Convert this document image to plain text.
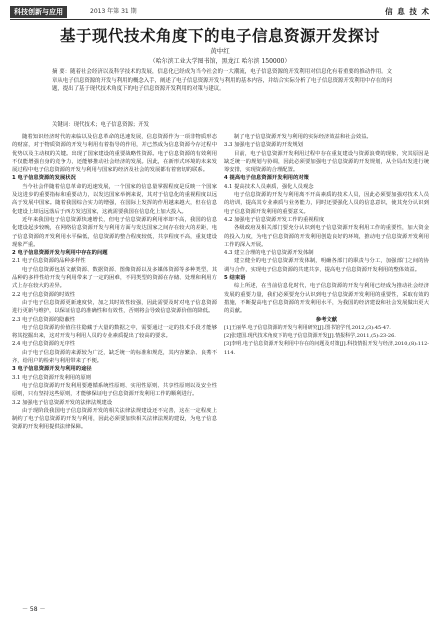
科技创新与应用	2013 年第 31 期	信 息 技 术
基于现代技术角度下的电子信息资源开发探讨
黄中红
（哈尔滨工业大学图书馆，黑龙江 哈尔滨 150000）
摘 要：随着社会经济以及科学技术的发展，信息化已经成为当今社会的一大潮流，电子信息资源的开发利用对信息化有着重要的推动作用。文章从电子信息资源的开发与利用的概念入手，阐述了电子信息资源开发与利用的基本内容，并结合实际分析了电子信息资源开发利用中存在的问题，提出了基于现代技术角度下的电子信息资源开发利用的对策与建议。
关键词：现代技术；电子信息资源；开发

随着知识经济时代的来临以及信息革命的迅速发展，信息资源作为一项非物质形态的财富，对于物质资源的开发与利用有着指导的作用，并已然成为信息资源今存过程中优势以及主动权的关键。出现了国家建设的重要战略性资源。电子信息资源的有效利用不仅能增强自身的竞争力，还能够推动社会经济的发展。因此，在新形式环境的未来发展过程中电子信息资源的开发与利用与国家的经济及社会的发展都有着密切的联系。

1 电子信息资源的发展状况

当今社会伴随着信息革命的迅速发展，一个国家的信息量掌握程度是反映一个国家及这进步的重要指标和重要动力，以发达国家举例来说，其对于信息化的重视程度以远高于发展中国家。随着我国综合实力的增强，在国际上发挥的作用越来越大，但在信息化建设上却远远落后于西方发达国家，这就需要我国在信息化上加大投入。

近年来我国电子信息资源快速增长，但电子信息资源的利用率却不高，我国的信息化建设起步较晚，在网络信息资源开发与利用方面与发达国家之间存在较大的差距，电子信息资源的开发利用水平偏低，信息资源的整合程度较低，共享程度不高，重复建设现象严重。

2 电子信息资源开发与利用中存在的问题

2.1 电子信息资源的品种多样性

电子信息资源包括文献资源、数据资源、图像资源以及多媒体资源等多种类型，其品种的多样性给开发与利用带来了一定的困难，不同类型的资源在存储、处理和利用方式上存在较大的差异。

2.2 电子信息资源的时效性

由于电子信息资源更新速度快，加之其时效性较强，因此需要及时对电子信息资源进行更新与维护，以保证信息的准确性和有效性，否则将会导致信息资源价值的降低。

2.3 电子信息资源的隐蔽性

电子信息资源的价值往往隐藏于大量的数据之中，需要通过一定的技术手段才能够将其挖掘出来，这对开发与利用人员的专业素质提出了较高的要求。

2.4 电子信息资源的无序性

由于电子信息资源的来源较为广泛，缺乏统一的标准和规范，其内容繁杂、良莠不齐，给用户的检索与利用带来了不便。

3 电子信息资源开发与利用的途径

3.1 电子信息资源开发利用的原则

电子信息资源的开发利用要遵循系统性原则、实用性原则、共享性原则以及安全性原则，只有坚持这些原则，才能够保证电子信息资源开发利用工作的顺利进行。

3.2 加强电子信息资源开发的法律法规建设

由于现阶段我国电子信息资源开发的相关法律法规建设还不完善，这在一定程度上制约了电子信息资源的开发与利用，因此必须要加快相关法律法规的建设，为电子信息资源的开发利用提供法律保障。

制了电子信息资源开发与利用的实际经济效益和社会效益。

3.3 加强电子信息资源的开发规划

目前，电子信息资源开发利用过程中存在重复建设与资源浪费的现象，究其原因是缺乏统一的规划与协调，因此必须要加强电子信息资源的开发规划，从全局出发进行统筹安排，实现资源的合理配置。

4 提高电子信息资源开发利用的对策

4.1 提高技术人员素质，强化人员观念

电子信息资源的开发与利用离不开高素质的技术人员，因此必须要加强对技术人员的培训，提高其专业素质与业务能力，同时还要强化人员的信息意识，使其充分认识到电子信息资源开发利用的重要意义。

4.2 加强电子信息资源开发工作的重视程度

各级政府及相关部门要充分认识到电子信息资源开发利用工作的重要性，加大资金的投入力度，为电子信息资源的开发利用创造良好的环境，推动电子信息资源开发利用工作的深入开展。

4.3 建立合理的电子信息资源开发体制

建立健全的电子信息资源开发体制，明确各部门的职责与分工，加强部门之间的协调与合作，实现电子信息资源的共建共享，提高电子信息资源开发利用的整体效益。

5 结束语

综上所述，在当前信息化时代，电子信息资源的开发与利用已经成为推动社会经济发展的重要力量，我们必须要充分认识到电子信息资源开发利用的重要性，采取有效的措施，不断提高电子信息资源的开发利用水平，为我国的经济建设和社会发展做出更大的贡献。

参考文献

[1]王丽华.电子信息资源的开发与利用研究[J].图书馆学刊,2012,(3):45-47.

[2]张建国.现代技术角度下的电子信息资源开发[J].情报科学,2011,(5):23-26.

[3]李明.电子信息资源开发利用中存在的问题及对策[J].科技情报开发与经济,2010,(8):112-114.

－ 58 －
